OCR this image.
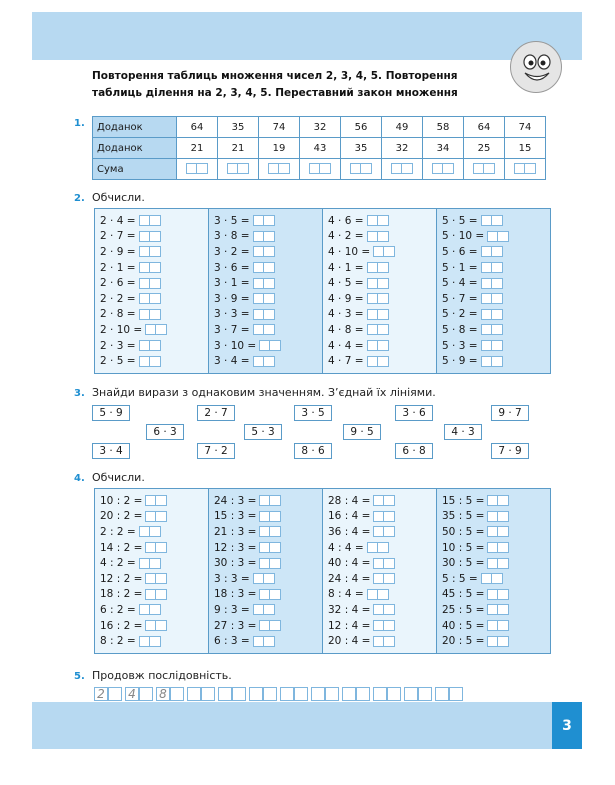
Повторення таблиць множення чисел 2, 3, 4, 5. Повторення таблиць ділення на 2, 3, 4, 5. Переставний закон множення
1. Доданок	64	35	74	32	56	49	58	64	74
Доданок	21	21	19	43	35	32	34	25	15
Сума	

2. Обчисли.
2 · 4 =
2 · 7 =
2 · 9 =
2 · 1 =
2 · 6 =
2 · 2 =
2 · 8 =
2 · 10 =
2 · 3 =
2 · 5 =
3 · 5 =
3 · 8 =
3 · 2 =
3 · 6 =
3 · 1 =
3 · 9 =
3 · 3 =
3 · 7 =
3 · 10 =
3 · 4 =
4 · 6 =
4 · 2 =
4 · 10 =
4 · 1 =
4 · 5 =
4 · 9 =
4 · 3 =
4 · 8 =
4 · 4 =
4 · 7 =
5 · 5 =
5 · 10 =
5 · 6 =
5 · 1 =
5 · 4 =
5 · 7 =
5 · 2 =
5 · 8 =
5 · 3 =
5 · 9 =
3. Знайди вирази з однаковим значенням. З’єднай їх лініями.
5 · 9	2 · 7	3 · 5	3 · 6	9 · 7
6 · 3	5 · 3	9 · 5	4 · 3
3 · 4	7 · 2	8 · 6	6 · 8	7 · 9
4. Обчисли.
10 : 2 =
20 : 2 =
2 : 2 =
14 : 2 =
4 : 2 =
12 : 2 =
18 : 2 =
6 : 2 =
16 : 2 =
8 : 2 =
24 : 3 =
15 : 3 =
21 : 3 =
12 : 3 =
30 : 3 =
3 : 3 =
18 : 3 =
9 : 3 =
27 : 3 =
6 : 3 =
28 : 4 =
16 : 4 =
36 : 4 =
4 : 4 =
40 : 4 =
24 : 4 =
8 : 4 =
32 : 4 =
12 : 4 =
20 : 4 =
15 : 5 =
35 : 5 =
50 : 5 =
10 : 5 =
30 : 5 =
5 : 5 =
45 : 5 =
25 : 5 =
40 : 5 =
20 : 5 =
5. Продовж послідовність.
2 4 8
3
